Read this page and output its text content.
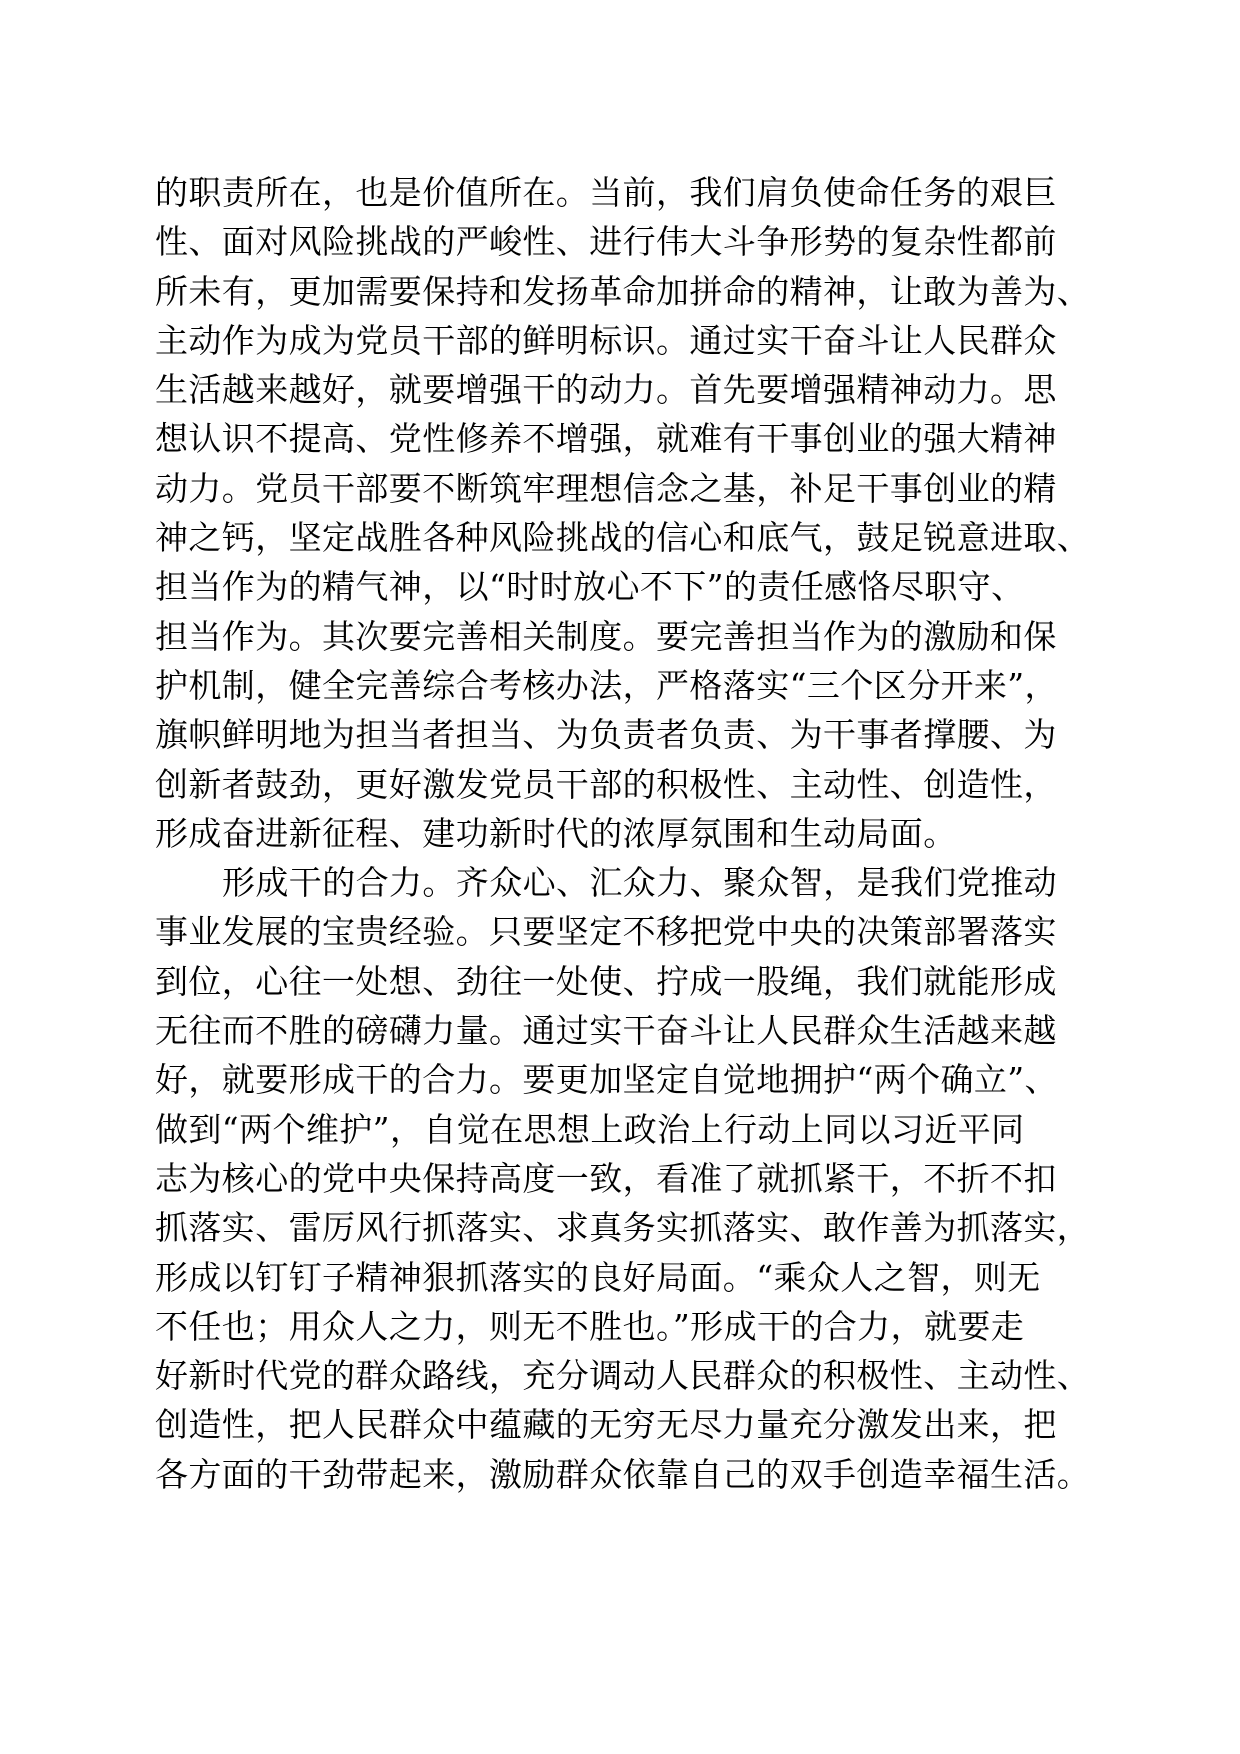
的职责所在，也是价值所在。当前，我们肩负使命任务的艰巨
性、面对风险挑战的严峻性、进行伟大斗争形势的复杂性都前
所未有，更加需要保持和发扬革命加拼命的精神，让敢为善为、
主动作为成为党员干部的鲜明标识。通过实干奋斗让人民群众
生活越来越好，就要增强干的动力。首先要增强精神动力。思
想认识不提高、党性修养不增强，就难有干事创业的强大精神
动力。党员干部要不断筑牢理想信念之基，补足干事创业的精
神之钙，坚定战胜各种风险挑战的信心和底气，鼓足锐意进取、
担当作为的精气神，以“时时放心不下”的责任感恪尽职守、
担当作为。其次要完善相关制度。要完善担当作为的激励和保
护机制，健全完善综合考核办法，严格落实“三个区分开来”，
旗帜鲜明地为担当者担当、为负责者负责、为干事者撑腰、为
创新者鼓劲，更好激发党员干部的积极性、主动性、创造性，
形成奋进新征程、建功新时代的浓厚氛围和生动局面。
形成干的合力。齐众心、汇众力、聚众智，是我们党推动
事业发展的宝贵经验。只要坚定不移把党中央的决策部署落实
到位，心往一处想、劲往一处使、拧成一股绳，我们就能形成
无往而不胜的磅礴力量。通过实干奋斗让人民群众生活越来越
好，就要形成干的合力。要更加坚定自觉地拥护“两个确立”、
做到“两个维护”，自觉在思想上政治上行动上同以习近平同
志为核心的党中央保持高度一致，看准了就抓紧干，不折不扣
抓落实、雷厉风行抓落实、求真务实抓落实、敢作善为抓落实，
形成以钉钉子精神狠抓落实的良好局面。“乘众人之智，则无
不任也；用众人之力，则无不胜也。”形成干的合力，就要走
好新时代党的群众路线，充分调动人民群众的积极性、主动性、
创造性，把人民群众中蕴藏的无穷无尽力量充分激发出来，把
各方面的干劲带起来，激励群众依靠自己的双手创造幸福生活。
